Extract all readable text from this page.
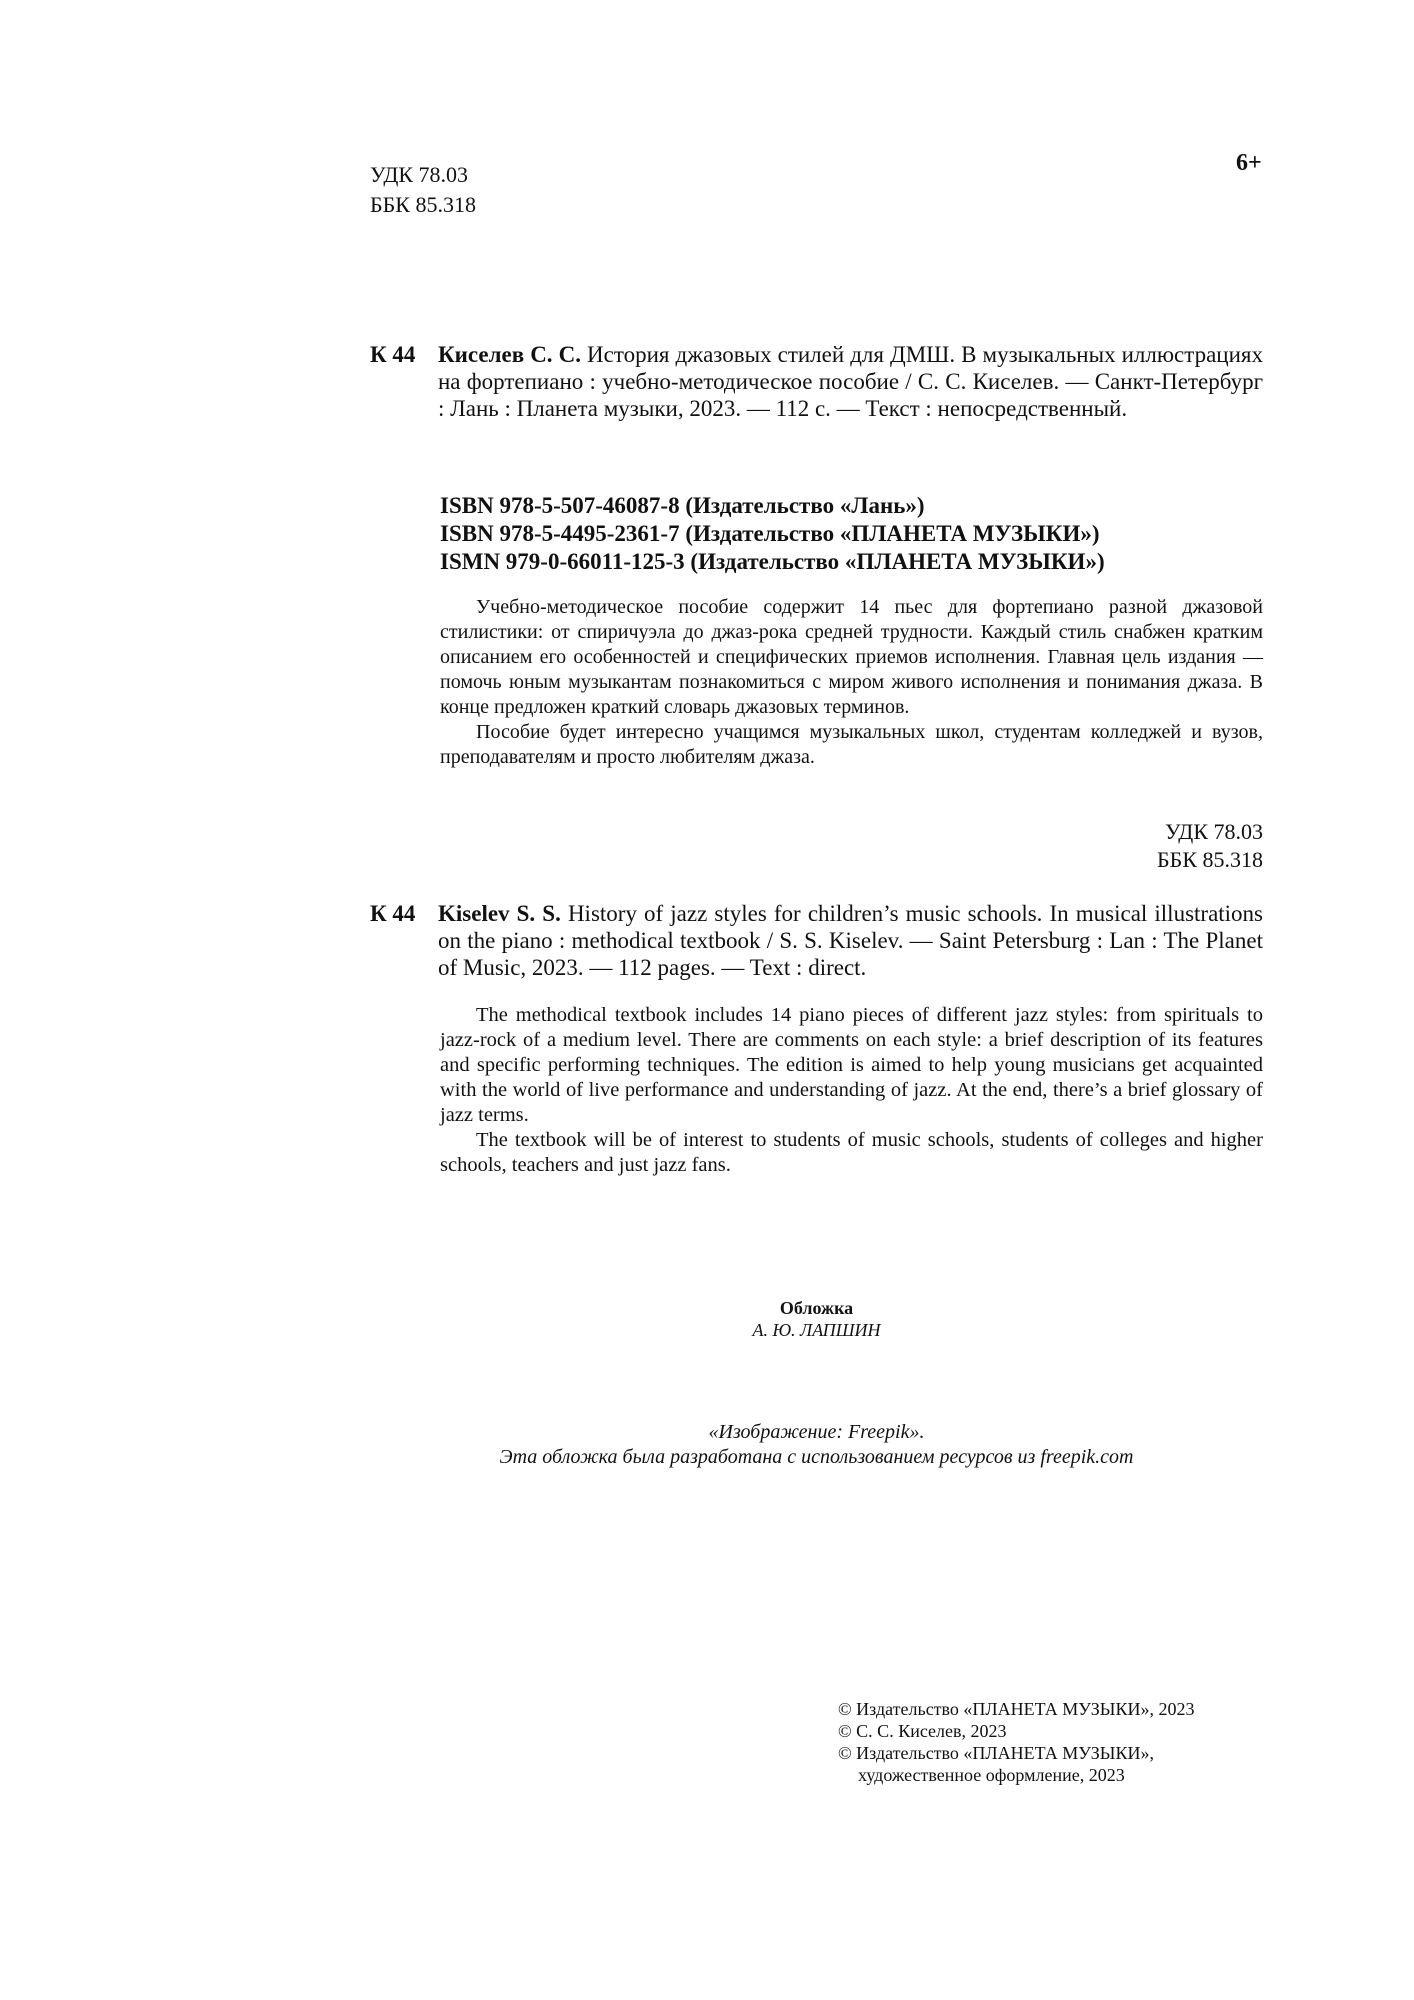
УДК 78.03
ББК 85.318
6+
К 44 Киселев С. С. История джазовых стилей для ДМШ. В музыкальных иллюстрациях на фортепиано : учебно-методическое пособие / С. С. Киселев. — Санкт-Петербург : Лань : Планета музыки, 2023. — 112 с. — Текст : непосредственный.
ISBN 978-5-507-46087-8 (Издательство «Лань»)
ISBN 978-5-4495-2361-7 (Издательство «ПЛАНЕТА МУЗЫКИ»)
ISMN 979-0-66011-125-3 (Издательство «ПЛАНЕТА МУЗЫКИ»)

Учебно-методическое пособие содержит 14 пьес для фортепиано разной джазовой стилистики: от спиричуэла до джаз-рока средней трудности. Каждый стиль снабжен кратким описанием его особенностей и специфических приемов исполнения. Главная цель издания — помочь юным музыкантам познакомиться с миром живого исполнения и понимания джаза. В конце предложен краткий словарь джазовых терминов.

Пособие будет интересно учащимся музыкальных школ, студентам колледжей и вузов, преподавателям и просто любителям джаза.

УДК 78.03
ББК 85.318
К 44 Kiselev S. S. History of jazz styles for children’s music schools. In musical illustrations on the piano : methodical textbook / S. S. Kiselev. — Saint Petersburg : Lan : The Planet of Music, 2023. — 112 pages. — Text : direct.

The methodical textbook includes 14 piano pieces of different jazz styles: from spirituals to jazz-rock of a medium level. There are comments on each style: a brief description of its features and specific performing techniques. The edition is aimed to help young musicians get acquainted with the world of live performance and understanding of jazz. At the end, there’s a brief glossary of jazz terms.

The textbook will be of interest to students of music schools, students of colleges and higher schools, teachers and just jazz fans.

Обложка
А. Ю. ЛАПШИН
«Изображение: Freepik».
Эта обложка была разработана с использованием ресурсов из freepik.com
© Издательство «ПЛАНЕТА МУЗЫКИ», 2023
© С. С. Киселев, 2023
© Издательство «ПЛАНЕТА МУЗЫКИ»,
художественное оформление, 2023
